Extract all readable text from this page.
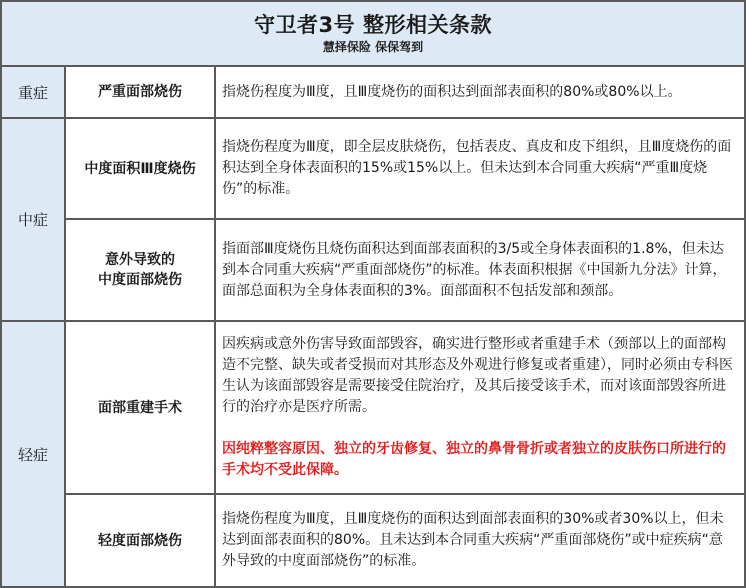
守卫者3号 整形相关条款
慧择保险 保保驾到
重症	严重面部烧伤	指烧伤程度为Ⅲ度，且Ⅲ度烧伤的面积达到面部表面积的80%或80%以上。
中症
中度面积Ⅲ度烧伤
指烧伤程度为Ⅲ度，即全层皮肤烧伤，包括表皮、真皮和皮下组织，且Ⅲ度烧伤的面积达到全身体表面积的15%或15%以上。但未达到本合同重大疾病“严重Ⅲ度烧伤”的标准。
意外导致的
中度面部烧伤
指面部Ⅲ度烧伤且烧伤面积达到面部表面积的3/5或全身体表面积的1.8%，但未达到本合同重大疾病“严重面部烧伤”的标准。体表面积根据《中国新九分法》计算，面部总面积为全身体表面积的3%。面部面积不包括发部和颈部。
轻症
面部重建手术
因疾病或意外伤害导致面部毁容，确实进行整形或者重建手术（颈部以上的面部构造不完整、缺失或者受损而对其形态及外观进行修复或者重建），同时必须由专科医生认为该面部毁容是需要接受住院治疗，及其后接受该手术，而对该面部毁容所进行的治疗亦是医疗所需。
因纯粹整容原因、独立的牙齿修复、独立的鼻骨骨折或者独立的皮肤伤口所进行的手术均不受此保障。
轻度面部烧伤
指烧伤程度为Ⅲ度，且Ⅲ度烧伤的面积达到面部表面积的30%或者30%以上，但未达到面部表面积的80%。且未达到本合同重大疾病“严重面部烧伤”或中症疾病“意外导致的中度面部烧伤”的标准。
